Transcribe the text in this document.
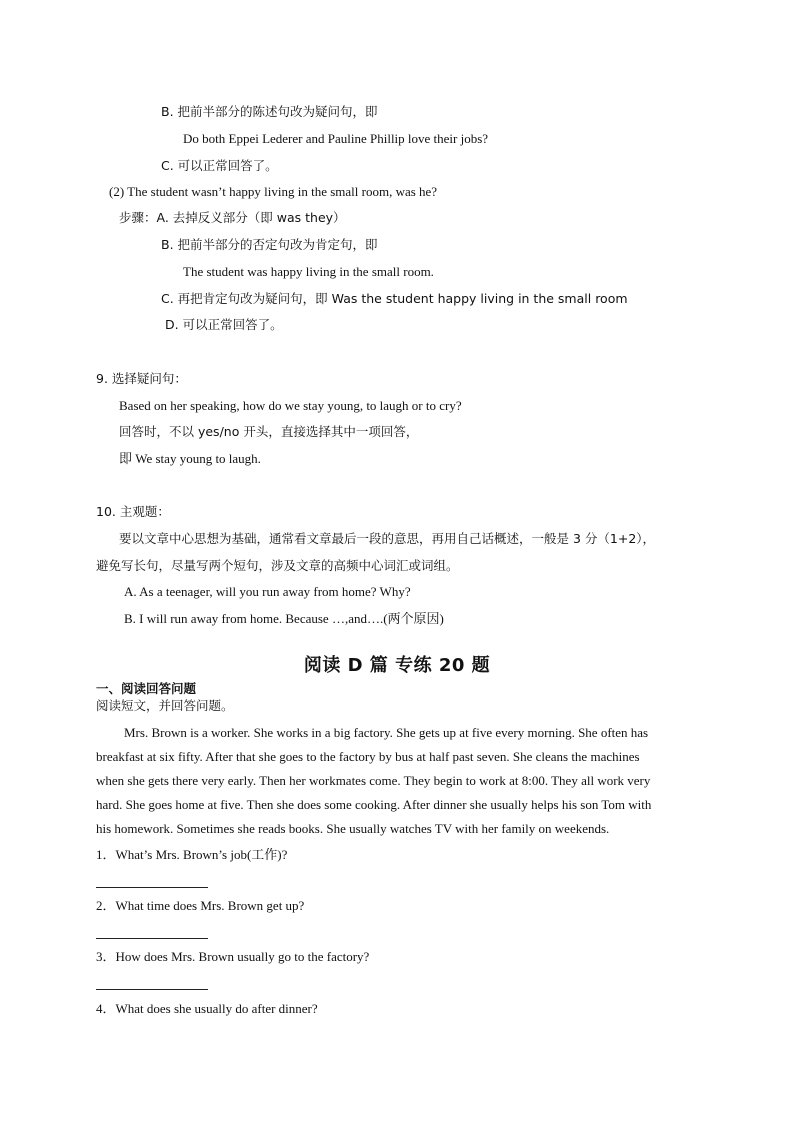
B. 把前半部分的陈述句改为疑问句，即
Do both Eppei Lederer and Pauline Phillip love their jobs?
C. 可以正常回答了。
(2) The student wasn’t happy living in the small room, was he?
步骤：A. 去掉反义部分（即 was they）
B. 把前半部分的否定句改为肯定句，即
The student was happy living in the small room.
C. 再把肯定句改为疑问句，即 Was the student happy living in the small room
D. 可以正常回答了。
9. 选择疑问句：
Based on her speaking, how do we stay young, to laugh or to cry?
回答时，不以 yes/no 开头，直接选择其中一项回答，
即 We stay young to laugh.
10. 主观题：
要以文章中心思想为基础，通常看文章最后一段的意思，再用自己话概述，一般是 3 分（1+2），
避免写长句，尽量写两个短句，涉及文章的高频中心词汇或词组。
A. As a teenager, will you run away from home? Why?
B. I will run away from home. Because …,and….(两个原因)
阅读 D 篇 专练 20 题
一、阅读回答问题
阅读短文，并回答问题。
Mrs. Brown is a worker. She works in a big factory. She gets up at five every morning. She often has
breakfast at six fifty. After that she goes to the factory by bus at half past seven. She cleans the machines
when she gets there very early. Then her workmates come. They begin to work at 8:00. They all work very
hard. She goes home at five. Then she does some cooking. After dinner she usually helps his son Tom with
his homework. Sometimes she reads books. She usually watches TV with her family on weekends.
1．What’s Mrs. Brown’s job(工作)?
2．What time does Mrs. Brown get up?
3．How does Mrs. Brown usually go to the factory?
4．What does she usually do after dinner?
